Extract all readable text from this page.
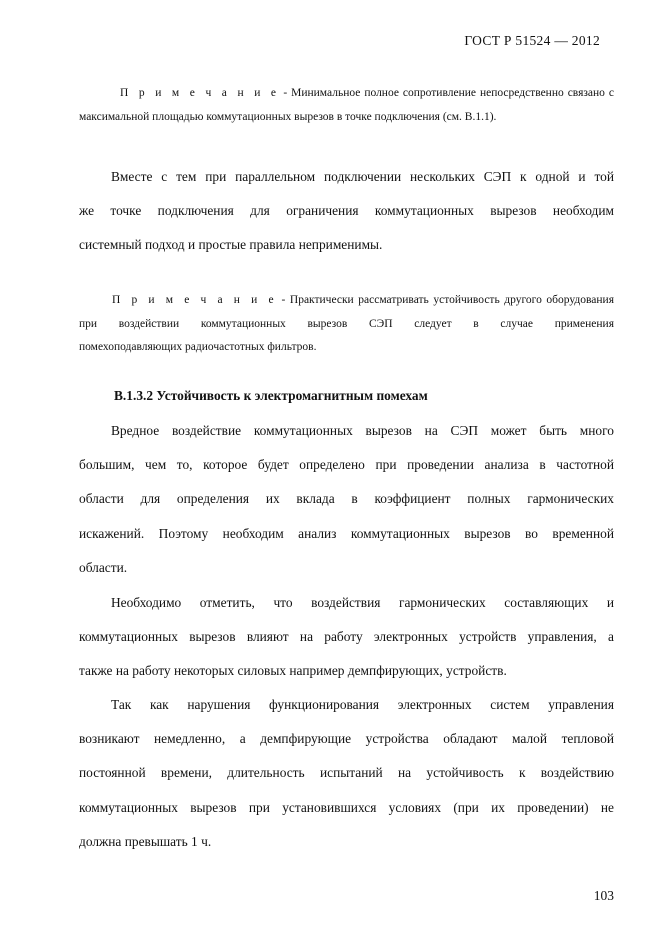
ГОСТ Р 51524 — 2012
П р и м е ч а н и е - Минимальное полное сопротивление непосредственно связано с
максимальной площадью коммутационных вырезов в точке подключения (см. В.1.1).
Вместе с тем при параллельном подключении нескольких СЭП к одной и той
же точке подключения для ограничения коммутационных вырезов необходим
системный подход и простые правила неприменимы.
П р и м е ч а н и е - Практически рассматривать устойчивость другого оборудования
при воздействии коммутационных вырезов СЭП следует в случае применения
помехоподавляющих радиочастотных фильтров.
В.1.3.2 Устойчивость к электромагнитным помехам
Вредное воздействие коммутационных вырезов на СЭП может быть много
большим, чем то, которое будет определено при проведении анализа в частотной
области для определения их вклада в коэффициент полных гармонических
искажений. Поэтому необходим анализ коммутационных вырезов во временной
области.
Необходимо отметить, что воздействия гармонических составляющих и
коммутационных вырезов влияют на работу электронных устройств управления, а
также на работу некоторых силовых например демпфирующих, устройств.
Так как нарушения функционирования электронных систем управления
возникают немедленно, а демпфирующие устройства обладают малой тепловой
постоянной времени, длительность испытаний на устойчивость к воздействию
коммутационных вырезов при установившихся условиях (при их проведении) не
должна превышать 1 ч.
103
